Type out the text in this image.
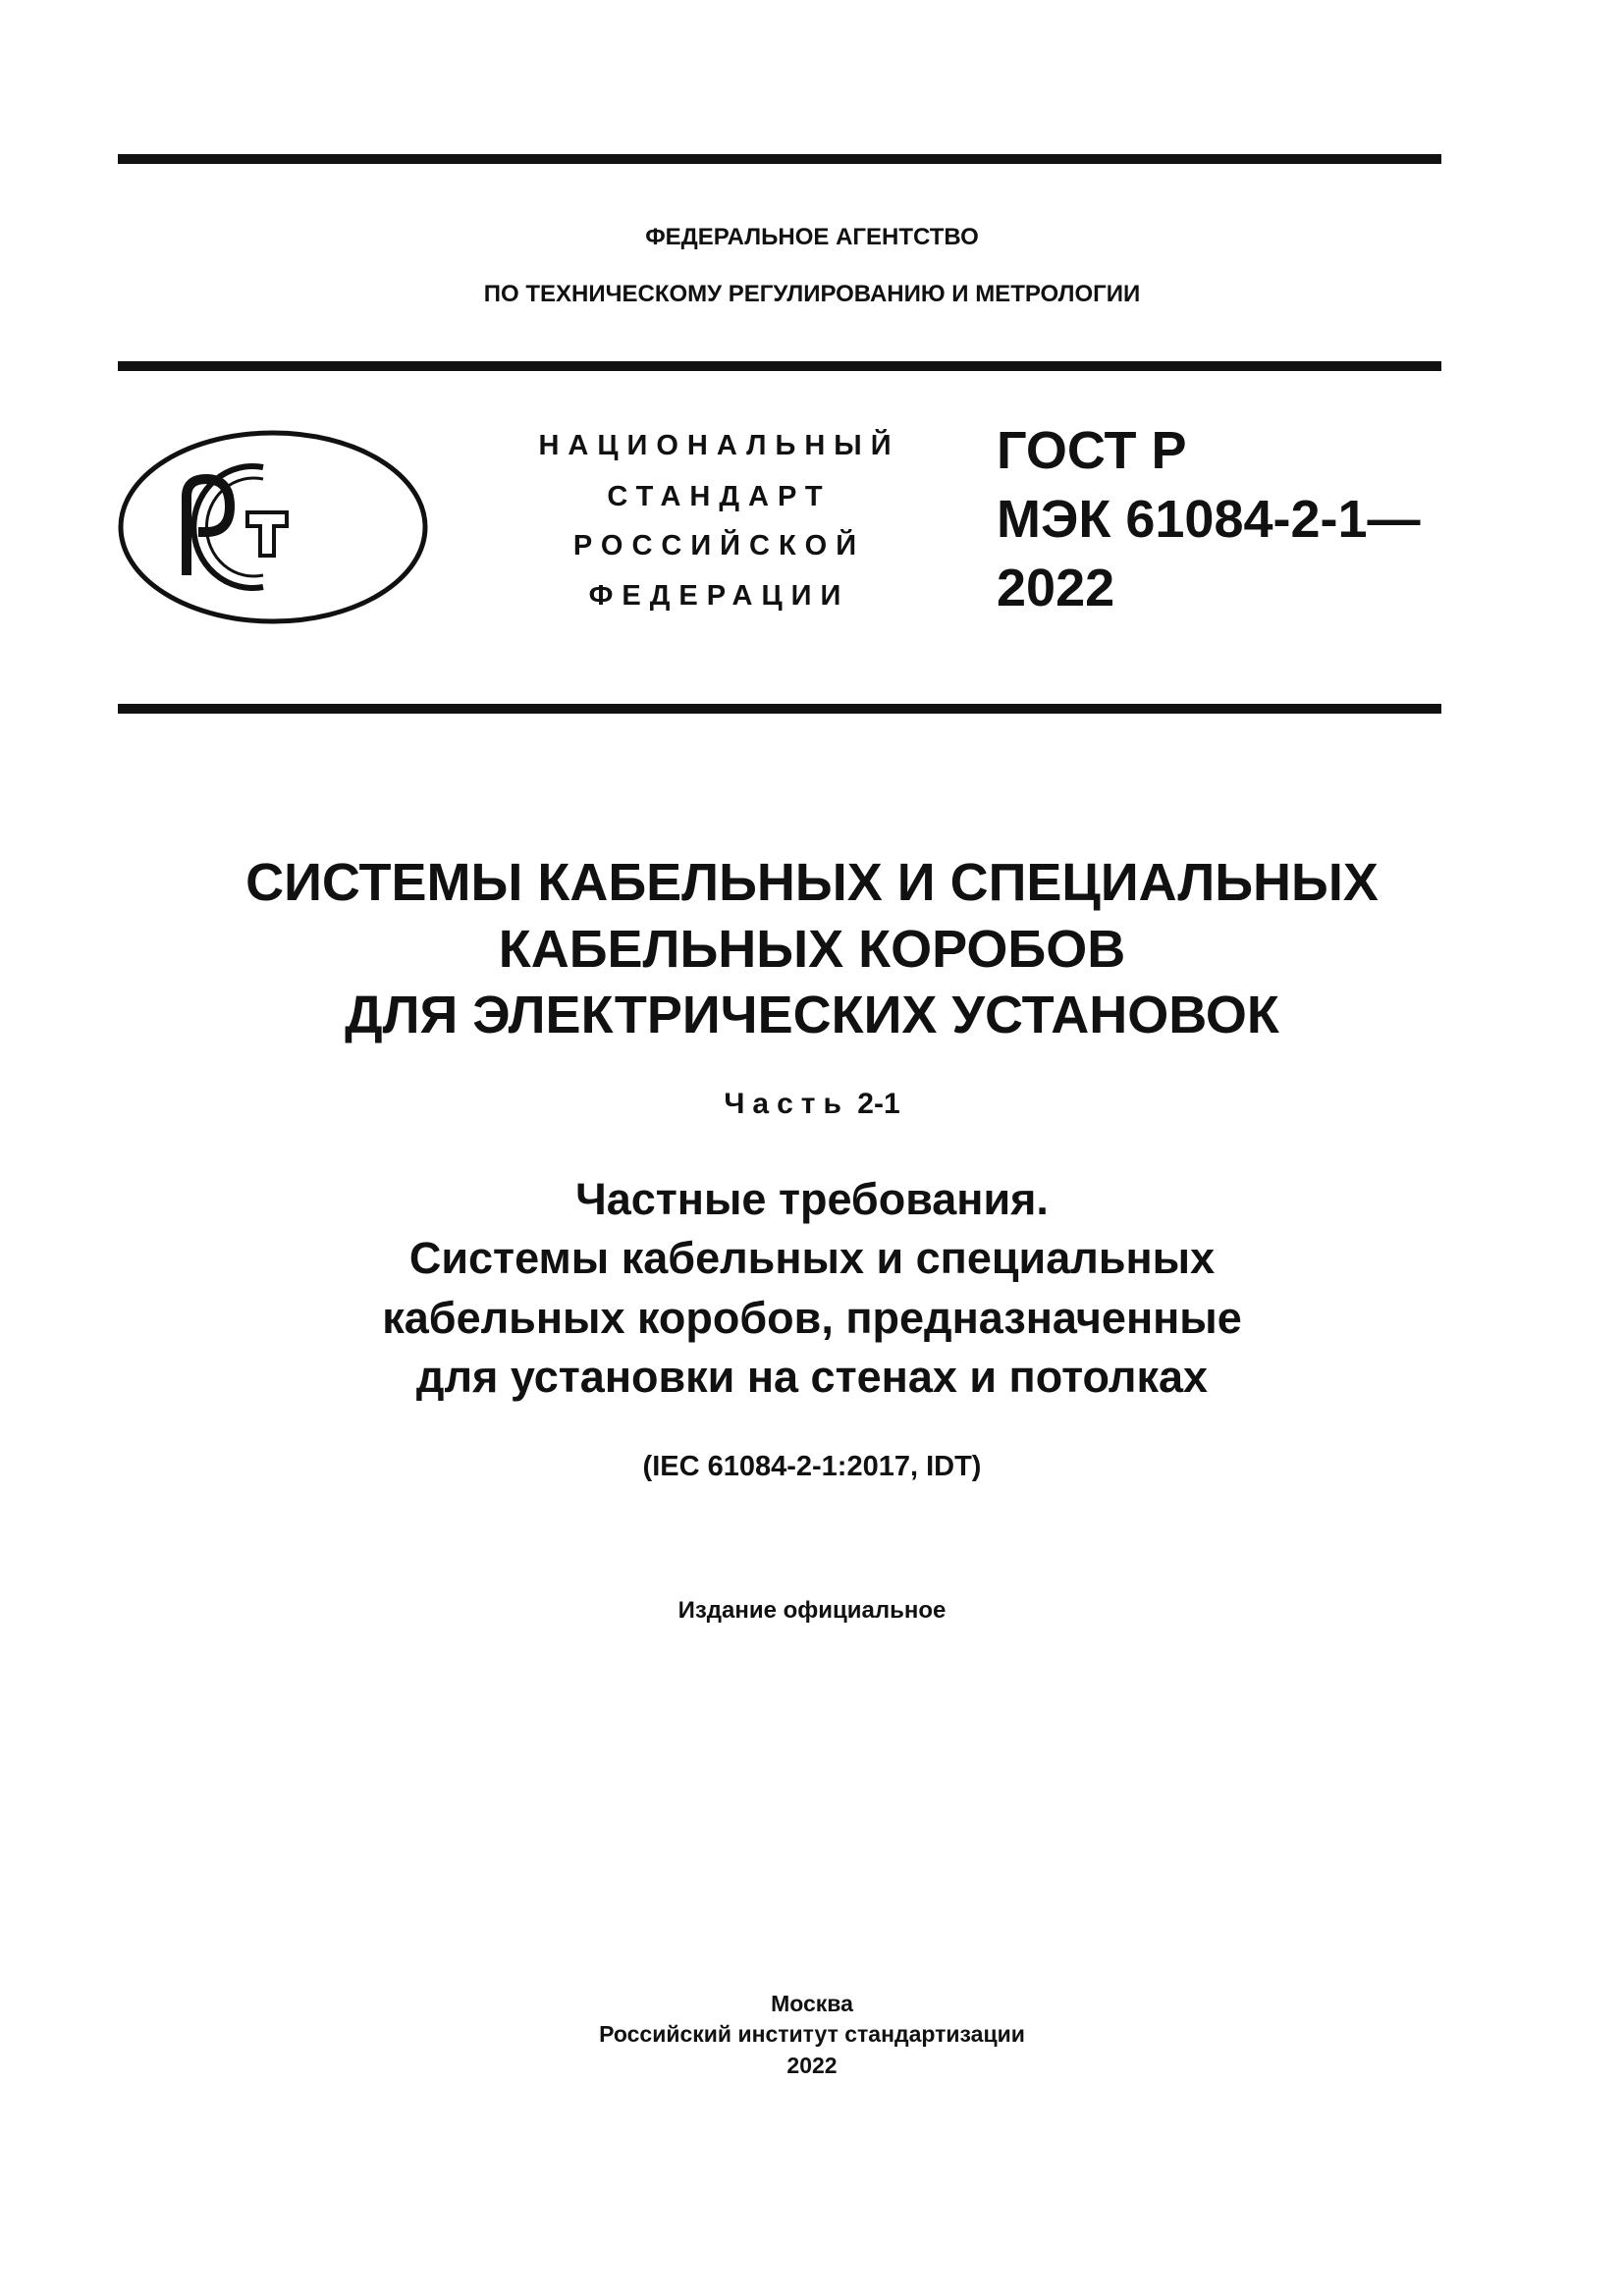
ФЕДЕРАЛЬНОЕ АГЕНТСТВО
ПО ТЕХНИЧЕСКОМУ РЕГУЛИРОВАНИЮ И МЕТРОЛОГИИ
НАЦИОНАЛЬНЫЙ
СТАНДАРТ
РОССИЙСКОЙ
ФЕДЕРАЦИИ
ГОСТ Р
МЭК 61084-2-1—
2022
СИСТЕМЫ КАБЕЛЬНЫХ И СПЕЦИАЛЬНЫХ
КАБЕЛЬНЫХ КОРОБОВ
ДЛЯ ЭЛЕКТРИЧЕСКИХ УСТАНОВОК
Часть 2-1
Частные требования.
Системы кабельных и специальных
кабельных коробов, предназначенные
для установки на стенах и потолках
(IEC 61084-2-1:2017, IDT)
Издание официальное
Москва
Российский институт стандартизации
2022
